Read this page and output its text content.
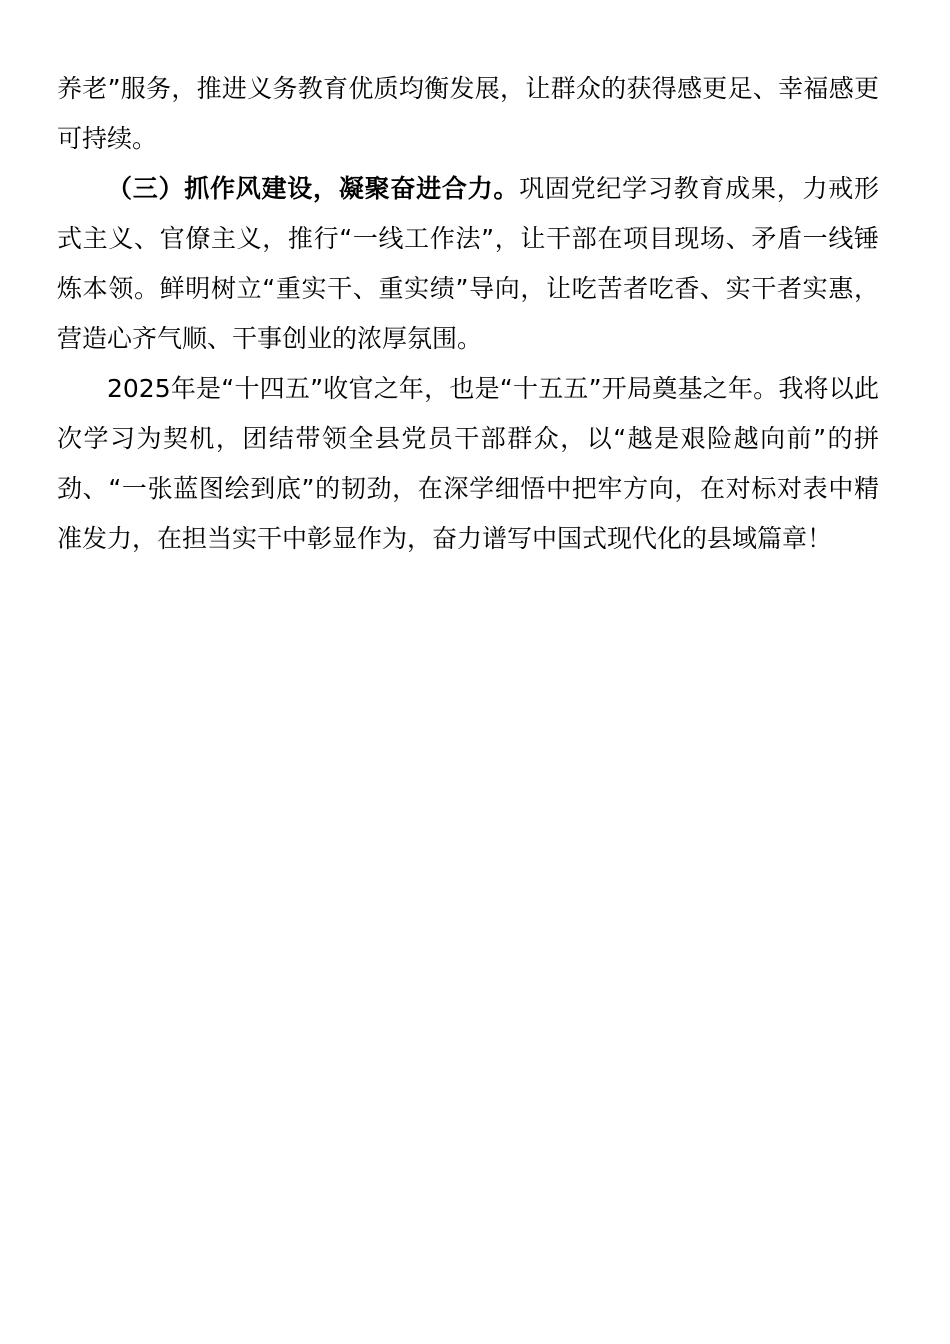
养老”服务，推进义务教育优质均衡发展，让群众的获得感更足、幸福感更可持续。

（三）抓作风建设，凝聚奋进合力。巩固党纪学习教育成果，力戒形式主义、官僚主义，推行“一线工作法”，让干部在项目现场、矛盾一线锤炼本领。鲜明树立“重实干、重实绩”导向，让吃苦者吃香、实干者实惠，营造心齐气顺、干事创业的浓厚氛围。

2025年是“十四五”收官之年，也是“十五五”开局奠基之年。我将以此次学习为契机，团结带领全县党员干部群众，以“越是艰险越向前”的拼劲、“一张蓝图绘到底”的韧劲，在深学细悟中把牢方向，在对标对表中精准发力，在担当实干中彰显作为，奋力谱写中国式现代化的县域篇章！
